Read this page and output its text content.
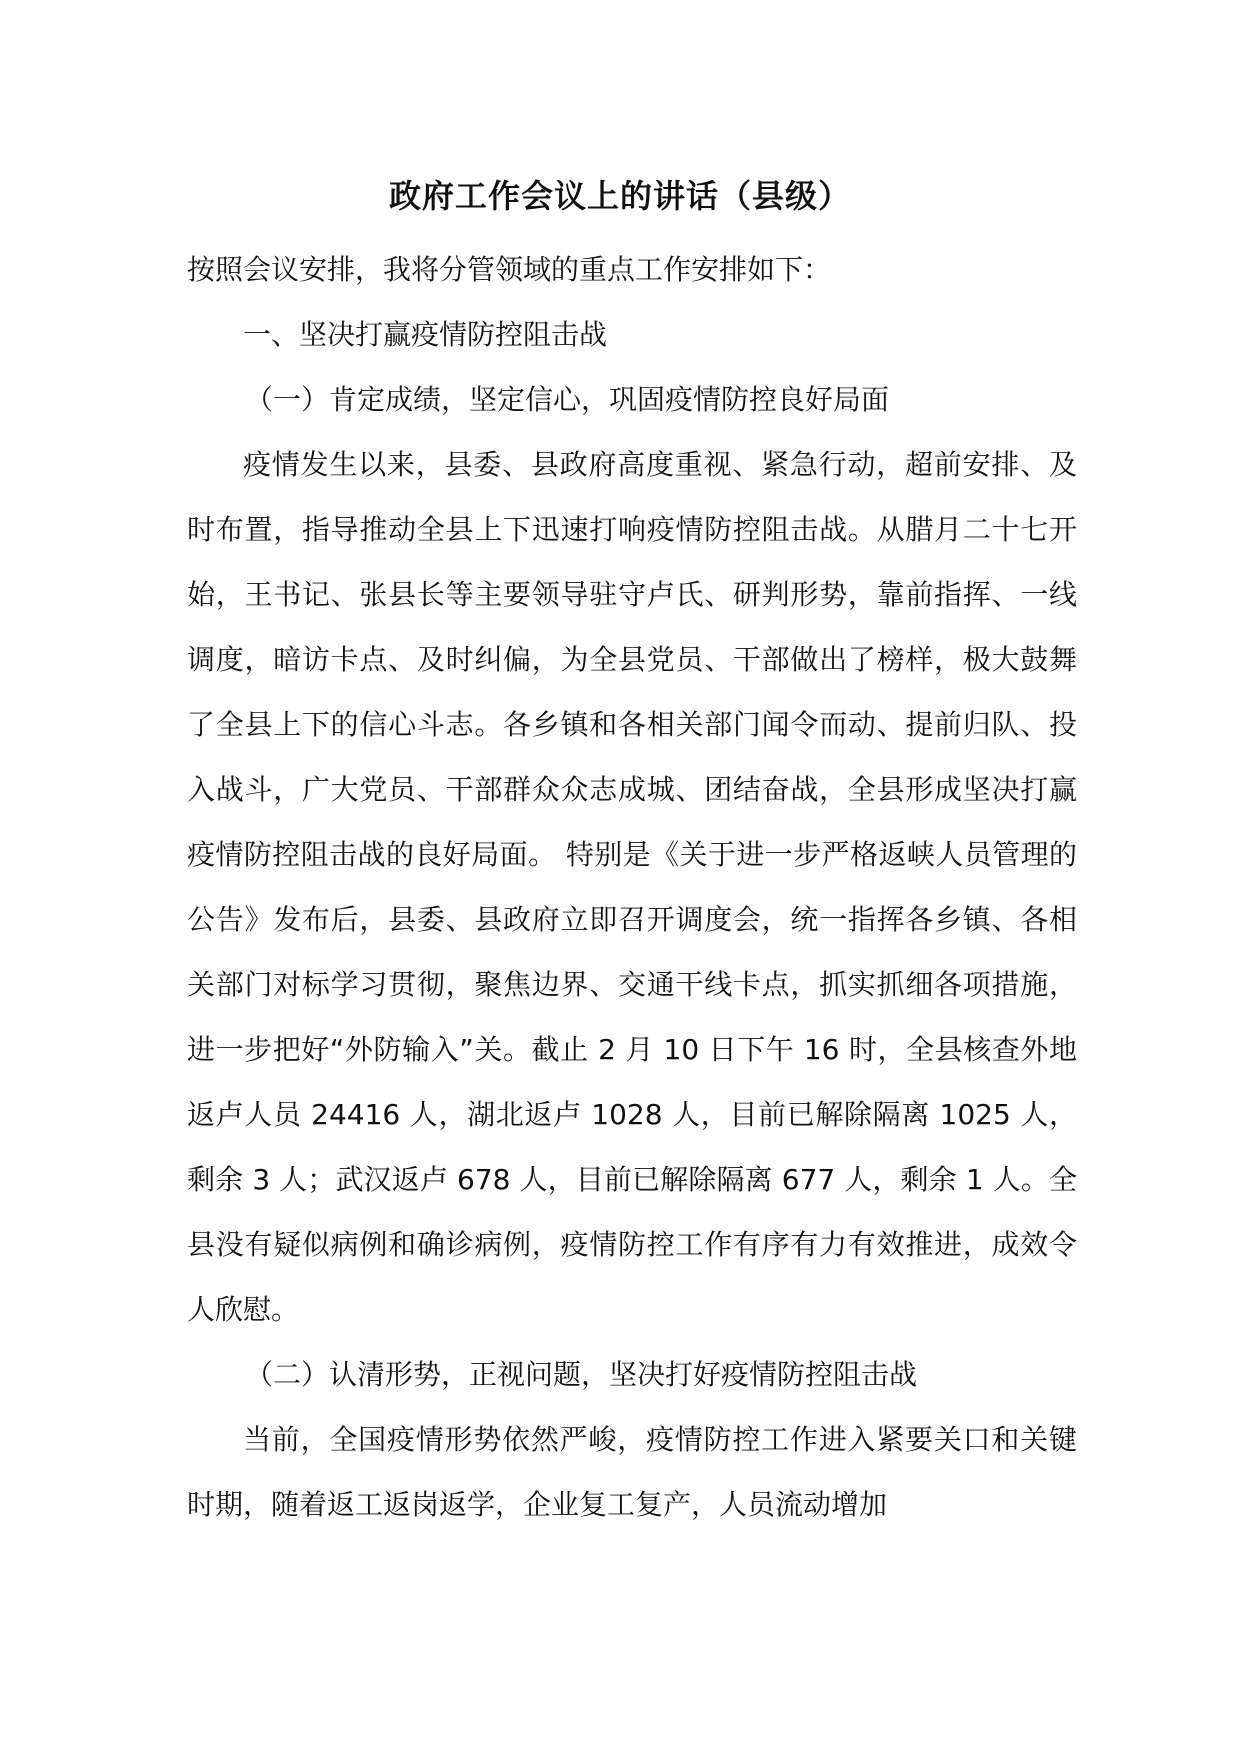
政府工作会议上的讲话（县级）

按照会议安排，我将分管领域的重点工作安排如下：

一、坚决打赢疫情防控阻击战

（一）肯定成绩，坚定信心，巩固疫情防控良好局面

疫情发生以来，县委、县政府高度重视、紧急行动，超前安排、及时布置，指导推动全县上下迅速打响疫情防控阻击战。从腊月二十七开始，王书记、张县长等主要领导驻守卢氏、研判形势，靠前指挥、一线调度，暗访卡点、及时纠偏，为全县党员、干部做出了榜样，极大鼓舞了全县上下的信心斗志。各乡镇和各相关部门闻令而动、提前归队、投入战斗，广大党员、干部群众众志成城、团结奋战，全县形成坚决打赢疫情防控阻击战的良好局面。 特别是《关于进一步严格返峡人员管理的公告》发布后，县委、县政府立即召开调度会，统一指挥各乡镇、各相关部门对标学习贯彻，聚焦边界、交通干线卡点，抓实抓细各项措施，进一步把好“外防输入”关。截止 2 月 10 日下午 16 时，全县核查外地返卢人员 24416 人，湖北返卢 1028 人，目前已解除隔离 1025 人，剩余 3 人；武汉返卢 678 人，目前已解除隔离 677 人，剩余 1 人。全县没有疑似病例和确诊病例，疫情防控工作有序有力有效推进，成效令人欣慰。

（二）认清形势，正视问题，坚决打好疫情防控阻击战

当前，全国疫情形势依然严峻，疫情防控工作进入紧要关口和关键时期，随着返工返岗返学，企业复工复产，人员流动增加
